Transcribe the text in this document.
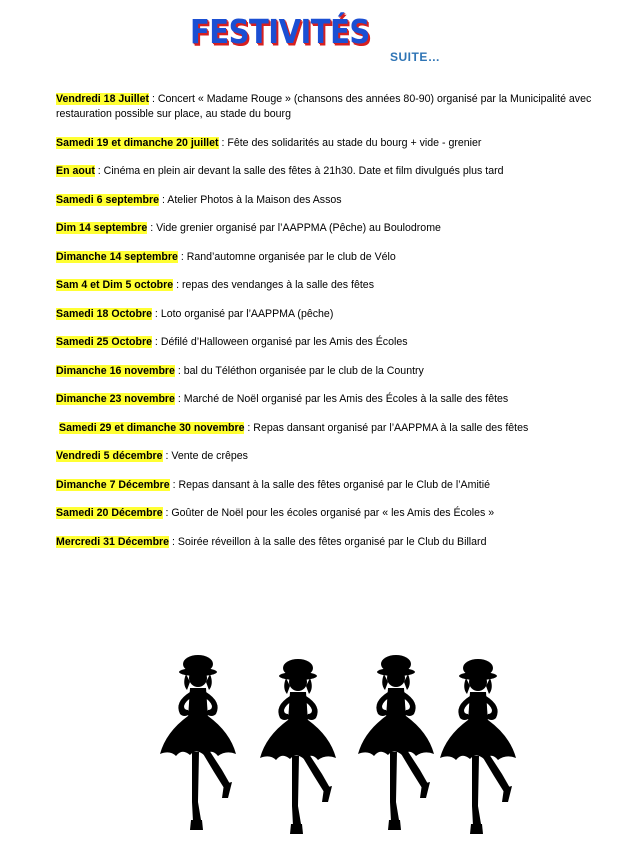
FESTIVITÉS
SUITE…
Vendredi 18 Juillet : Concert « Madame Rouge » (chansons des années 80-90) organisé par la Municipalité avec restauration possible sur place, au stade du bourg
Samedi 19 et dimanche 20 juillet : Fête des solidarités au stade du bourg + vide - grenier
En aout : Cinéma en plein air devant la salle des fêtes à 21h30. Date et film divulgués plus tard
Samedi 6 septembre : Atelier Photos à la Maison des Assos
Dim 14 septembre : Vide grenier organisé par l’AAPPMA (Pêche) au Boulodrome
Dimanche 14 septembre : Rand’automne organisée par le club de Vélo
Sam 4 et Dim 5 octobre : repas des vendanges à la salle des fêtes
Samedi 18 Octobre : Loto organisé par l’AAPPMA (pêche)
Samedi 25 Octobre : Défilé d’Halloween organisé par les Amis des Écoles
Dimanche 16 novembre : bal du Téléthon organisée par le club de la Country
Dimanche 23 novembre : Marché de Noël organisé par les Amis des Écoles à la salle des fêtes
Samedi 29 et dimanche 30 novembre : Repas dansant organisé par l’AAPPMA à la salle des fêtes
Vendredi 5 décembre : Vente de crêpes
Dimanche 7 Décembre : Repas dansant à la salle des fêtes organisé par le Club de l’Amitié
Samedi 20 Décembre : Goûter de Noël pour les écoles organisé par « les Amis des Écoles »
Mercredi 31 Décembre : Soirée réveillon à la salle des fêtes organisé par le Club du Billard
